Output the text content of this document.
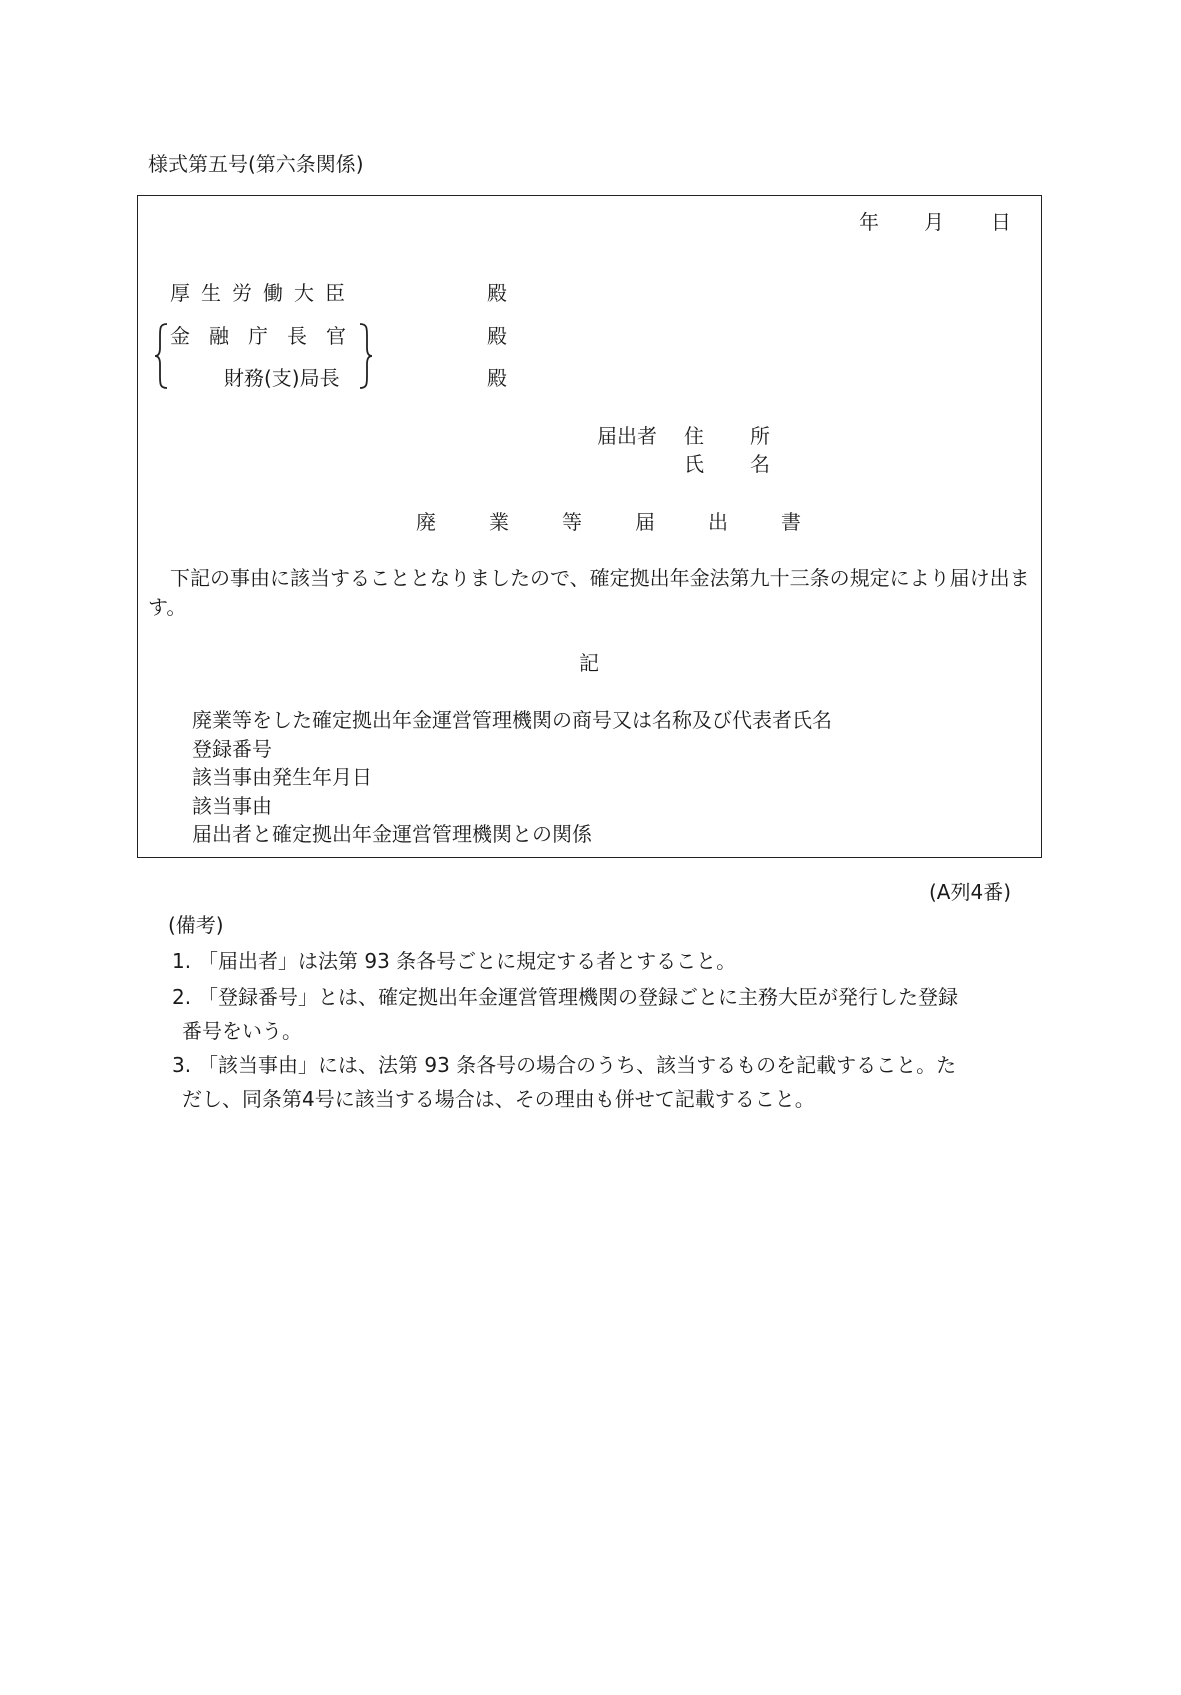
様式第五号(第六条関係)
年 月 日
厚生労働大臣
金融庁長官
財務(支)局長
殿
殿
殿
届出者 住所
氏名
廃業等届出書

下記の事由に該当することとなりましたので、確定拠出年金法第九十三条の規定により届け出ます。

記
廃業等をした確定拠出年金運営管理機関の商号又は名称及び代表者氏名
登録番号
該当事由発生年月日
該当事由
届出者と確定拠出年金運営管理機関との関係
(A列4番)
(備考)
1. 「届出者」は法第 93 条各号ごとに規定する者とすること。
2. 「登録番号」とは、確定拠出年金運営管理機関の登録ごとに主務大臣が発行した登録
番号をいう。
3. 「該当事由」には、法第 93 条各号の場合のうち、該当するものを記載すること。た
だし、同条第4号に該当する場合は、その理由も併せて記載すること。
